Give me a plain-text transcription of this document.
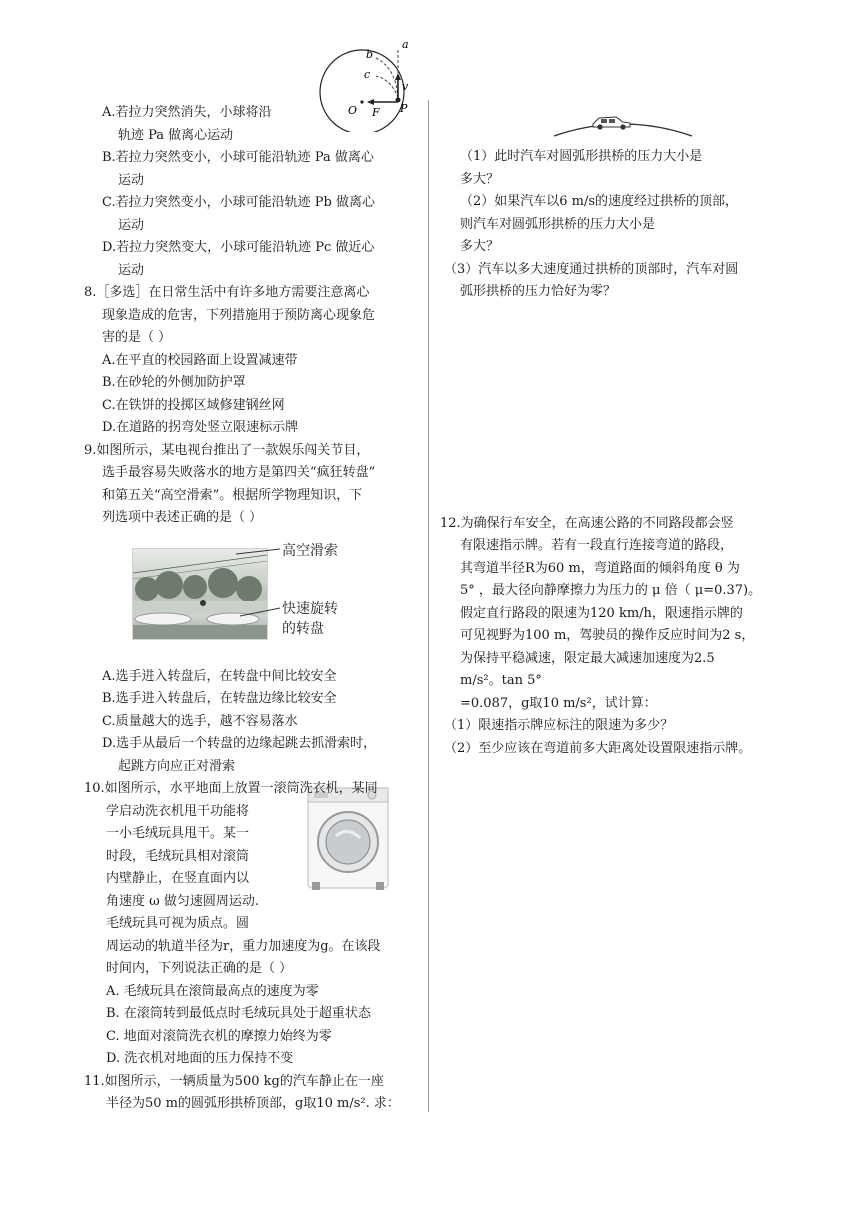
a
b
c
v
O F P
高空滑索
快速旋转
的转盘
A.若拉力突然消失，小球将沿
轨迹 Pa 做离心运动
B.若拉力突然变小，小球可能沿轨迹 Pa 做离心
运动
C.若拉力突然变小，小球可能沿轨迹 Pb 做离心
运动
D.若拉力突然变大，小球可能沿轨迹 Pc 做近心
运动
8.［多选］在日常生活中有许多地方需要注意离心
现象造成的危害，下列措施用于预防离心现象危
害的是（ ）
A.在平直的校园路面上设置减速带
B.在砂轮的外侧加防护罩
C.在铁饼的投掷区域修建钢丝网
D.在道路的拐弯处竖立限速标示牌
9.如图所示，某电视台推出了一款娱乐闯关节目，
选手最容易失败落水的地方是第四关“疯狂转盘”
和第五关“高空滑索”。根据所学物理知识，下
列选项中表述正确的是（ ）
A.选手进入转盘后，在转盘中间比较安全
B.选手进入转盘后，在转盘边缘比较安全
C.质量越大的选手，越不容易落水
D.选手从最后一个转盘的边缘起跳去抓滑索时，
起跳方向应正对滑索
10.如图所示，水平地面上放置一滚筒洗衣机，某同
学启动洗衣机甩干功能将
一小毛绒玩具甩干。某一
时段，毛绒玩具相对滚筒
内壁静止，在竖直面内以
角速度 ω 做匀速圆周运动.
毛绒玩具可视为质点。圆
周运动的轨道半径为r，重力加速度为g。在该段
时间内，下列说法正确的是（ ）
A. 毛绒玩具在滚筒最高点的速度为零
B. 在滚筒转到最低点时毛绒玩具处于超重状态
C. 地面对滚筒洗衣机的摩擦力始终为零
D. 洗衣机对地面的压力保持不变
11.如图所示，一辆质量为500 kg的汽车静止在一座
半径为50 m的圆弧形拱桥顶部，g取10 m/s². 求：
（1）此时汽车对圆弧形拱桥的压力大小是
多大？
（2）如果汽车以6 m/s的速度经过拱桥的顶部，
则汽车对圆弧形拱桥的压力大小是
多大？
（3）汽车以多大速度通过拱桥的顶部时，汽车对圆
弧形拱桥的压力恰好为零？
12.为确保行车安全，在高速公路的不同路段都会竖
有限速指示牌。若有一段直行连接弯道的路段，
其弯道半径R为60 m，弯道路面的倾斜角度 θ 为
5° ，最大径向静摩擦力为压力的 μ 倍（ μ=0.37)。
假定直行路段的限速为120 km/h，限速指示牌的
可见视野为100 m，驾驶员的操作反应时间为2 s，
为保持平稳减速，限定最大减速加速度为2.5
m/s²。tan 5°
=0.087，g取10 m/s²，试计算：
（1）限速指示牌应标注的限速为多少？
（2）至少应该在弯道前多大距离处设置限速指示牌。
